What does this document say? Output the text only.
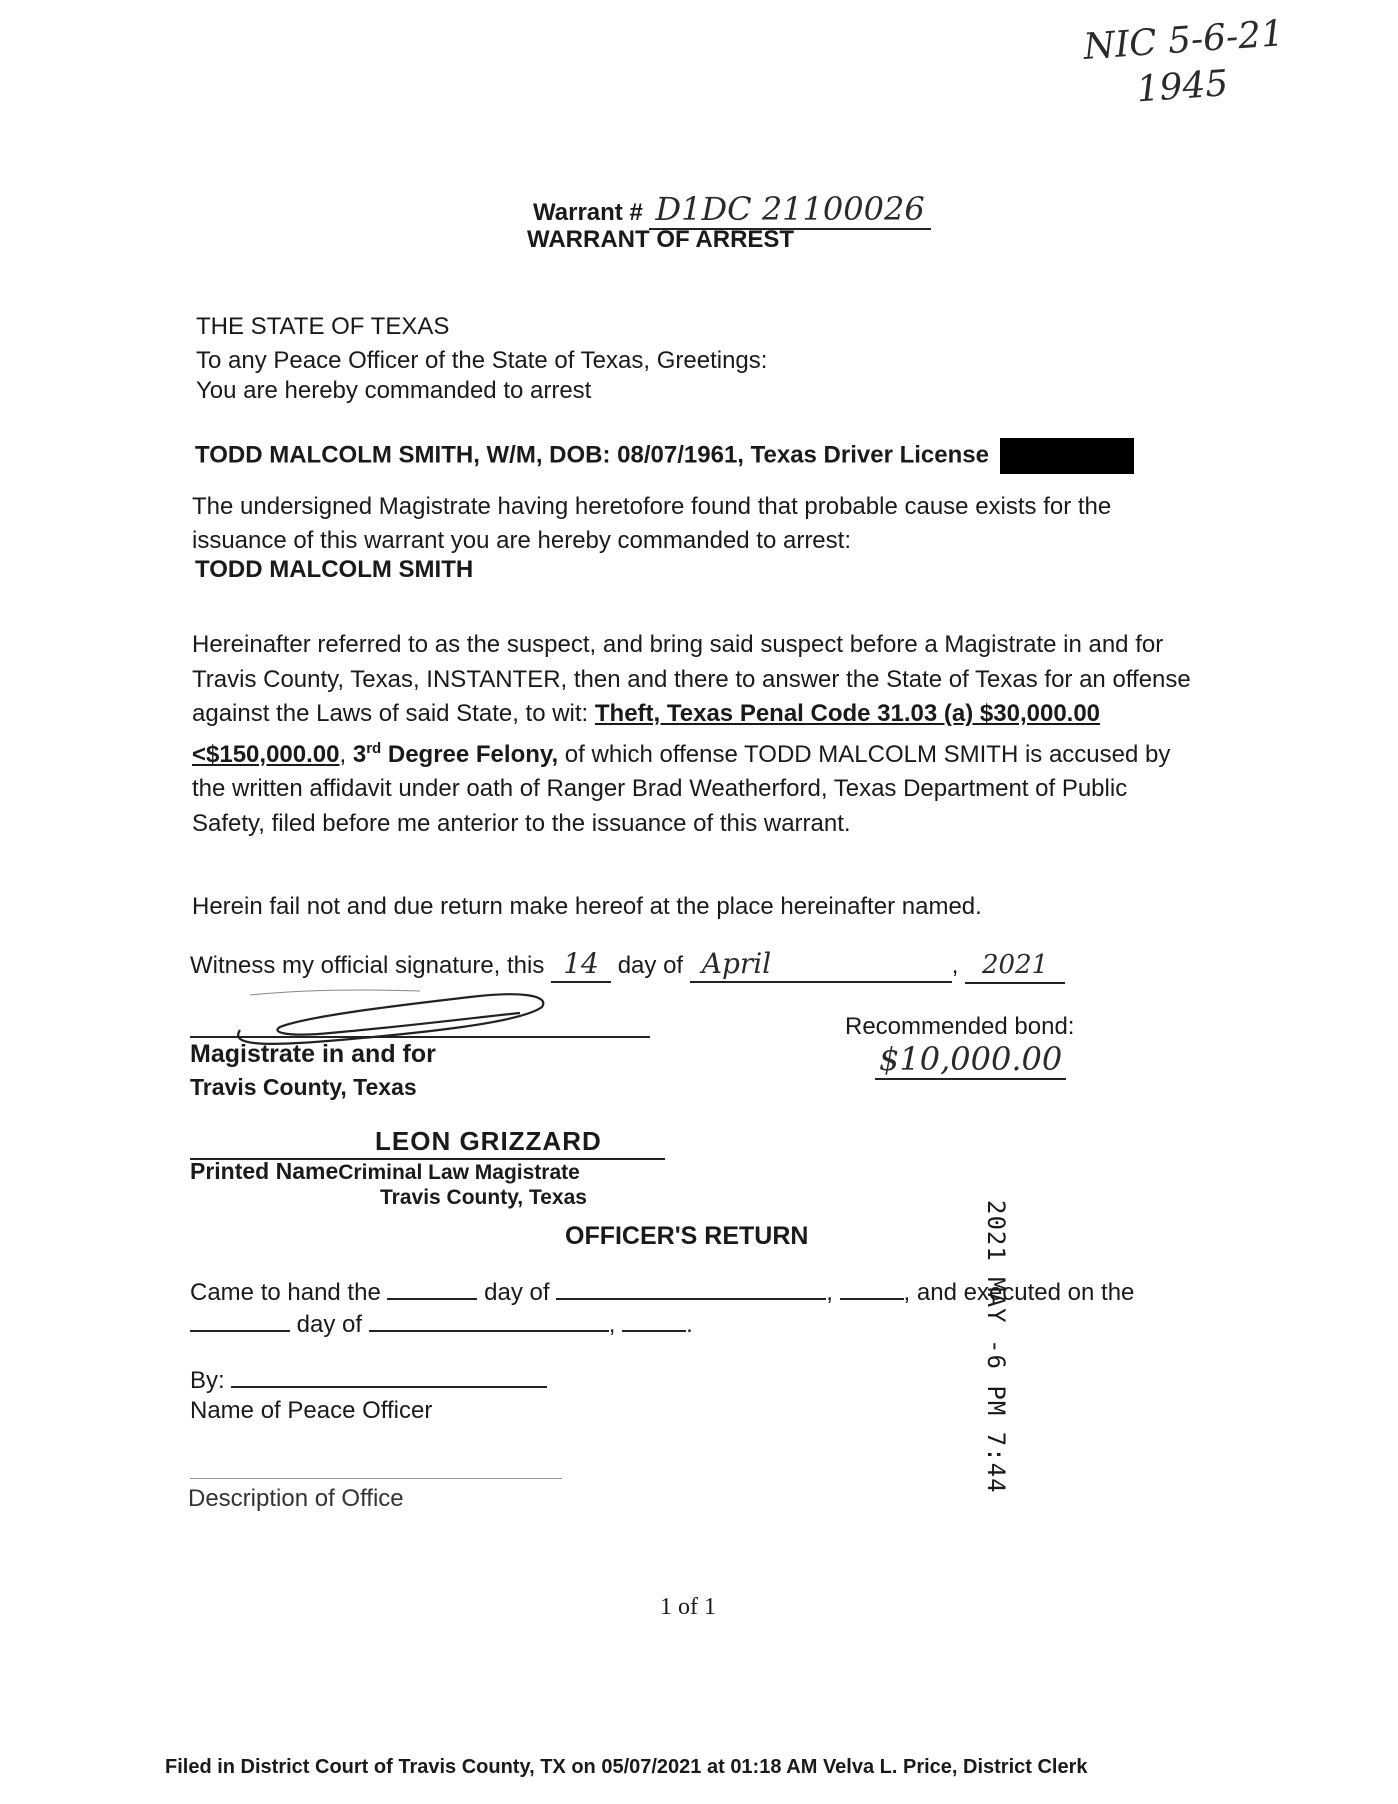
NIC 5-6-21
1945
Warrant # D1DC 21100026
WARRANT OF ARREST
THE STATE OF TEXAS
To any Peace Officer of the State of Texas, Greetings:
You are hereby commanded to arrest
TODD MALCOLM SMITH, W/M, DOB: 08/07/1961, Texas Driver License
The undersigned Magistrate having heretofore found that probable cause exists for the issuance of this warrant you are hereby commanded to arrest:
TODD MALCOLM SMITH
Hereinafter referred to as the suspect, and bring said suspect before a Magistrate in and for Travis County, Texas, INSTANTER, then and there to answer the State of Texas for an offense against the Laws of said State, to wit: Theft, Texas Penal Code 31.03 (a) $30,000.00 <$150,000.00, 3rd Degree Felony, of which offense TODD MALCOLM SMITH is accused by the written affidavit under oath of Ranger Brad Weatherford, Texas Department of Public Safety, filed before me anterior to the issuance of this warrant.
Herein fail not and due return make hereof at the place hereinafter named.
Witness my official signature, this 14 day of April	, 2021
Magistrate in and for
Travis County, Texas
Recommended bond:
$10,000.00
LEON GRIZZARD
Printed NameCriminal Law Magistrate
Travis County, Texas
2021 MAY -6 PM 7:44
OFFICER'S RETURN
Came to hand the	day of	,	, and executed on the
day of	,	.
By:
Name of Peace Officer
Description of Office
1 of 1
Filed in District Court of Travis County, TX on 05/07/2021 at 01:18 AM Velva L. Price, District Clerk
